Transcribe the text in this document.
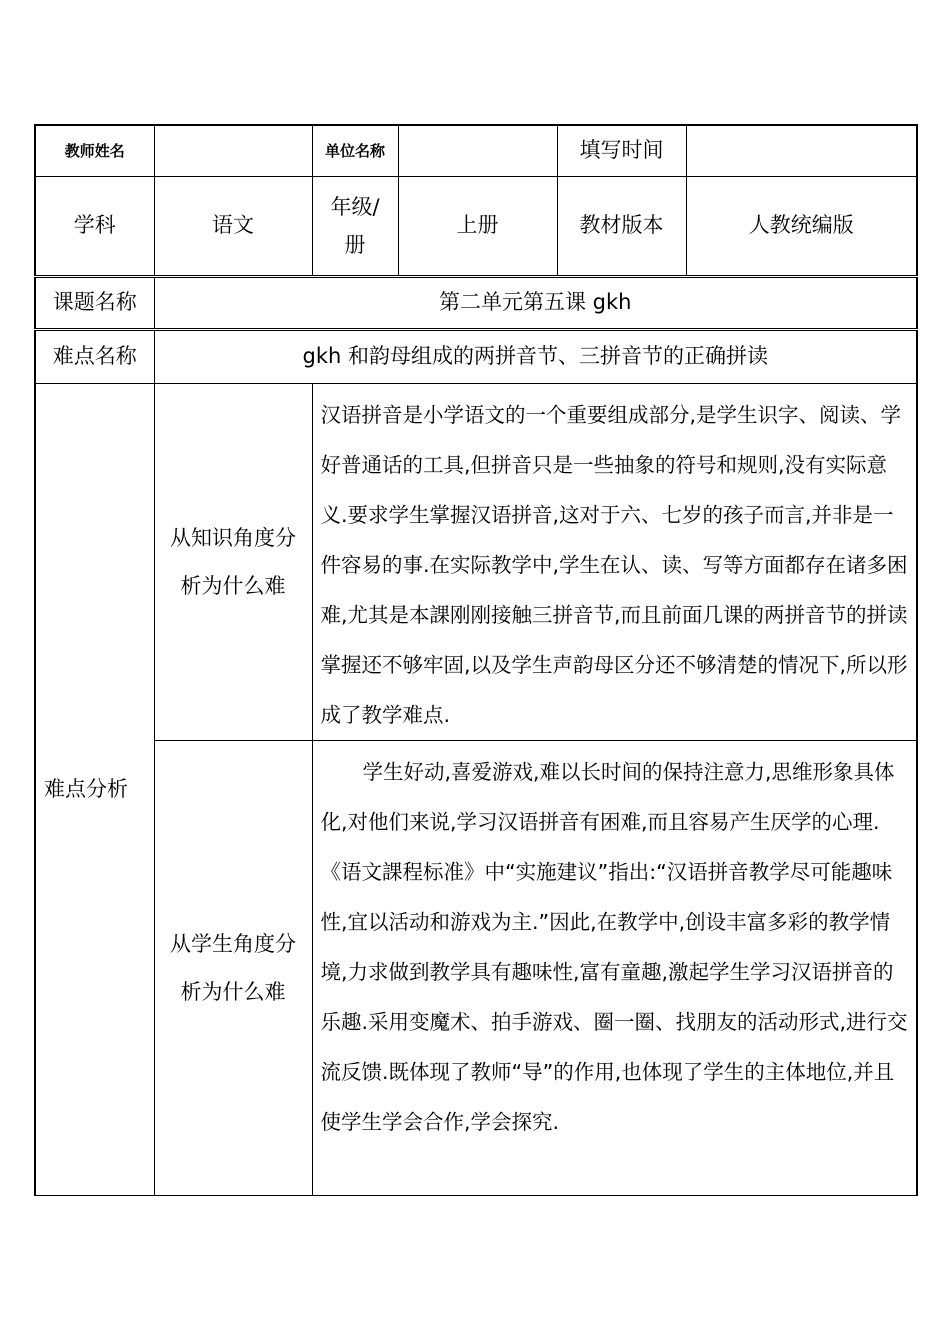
教师姓名		单位名称		填写时间	
学科	语文	年级/册	上册	教材版本	人教统编版
课题名称	第二单元第五课 gkh				
难点名称	gkh 和韵母组成的两拼音节、三拼音节的正确拼读				
难点分析	从知识角度分析为什么难	汉语拼音是小学语文的一个重要组成部分,是学生识字、阅读、学好普通话的工具,但拼音只是一些抽象的符号和规则,没有实际意义.要求学生掌握汉语拼音,这对于六、七岁的孩子而言,并非是一件容易的事.在实际教学中,学生在认、读、写等方面都存在诸多困难,尤其是本課刚刚接触三拼音节,而且前面几课的两拼音节的拼读掌握还不够牢固,以及学生声韵母区分还不够清楚的情况下,所以形成了教学难点.			
	从学生角度分析为什么难	学生好动,喜爱游戏,难以长时间的保持注意力,思维形象具体化,对他们来说,学习汉语拼音有困难,而且容易产生厌学的心理.《语文課程标准》中“实施建议”指出:“汉语拼音教学尽可能趣味性,宜以活动和游戏为主.”因此,在教学中,创设丰富多彩的教学情境,力求做到教学具有趣味性,富有童趣,激起学生学习汉语拼音的乐趣.采用变魔术、拍手游戏、圈一圈、找朋友的活动形式,进行交流反馈.既体现了教师“导”的作用,也体现了学生的主体地位,并且使学生学会合作,学会探究.			
